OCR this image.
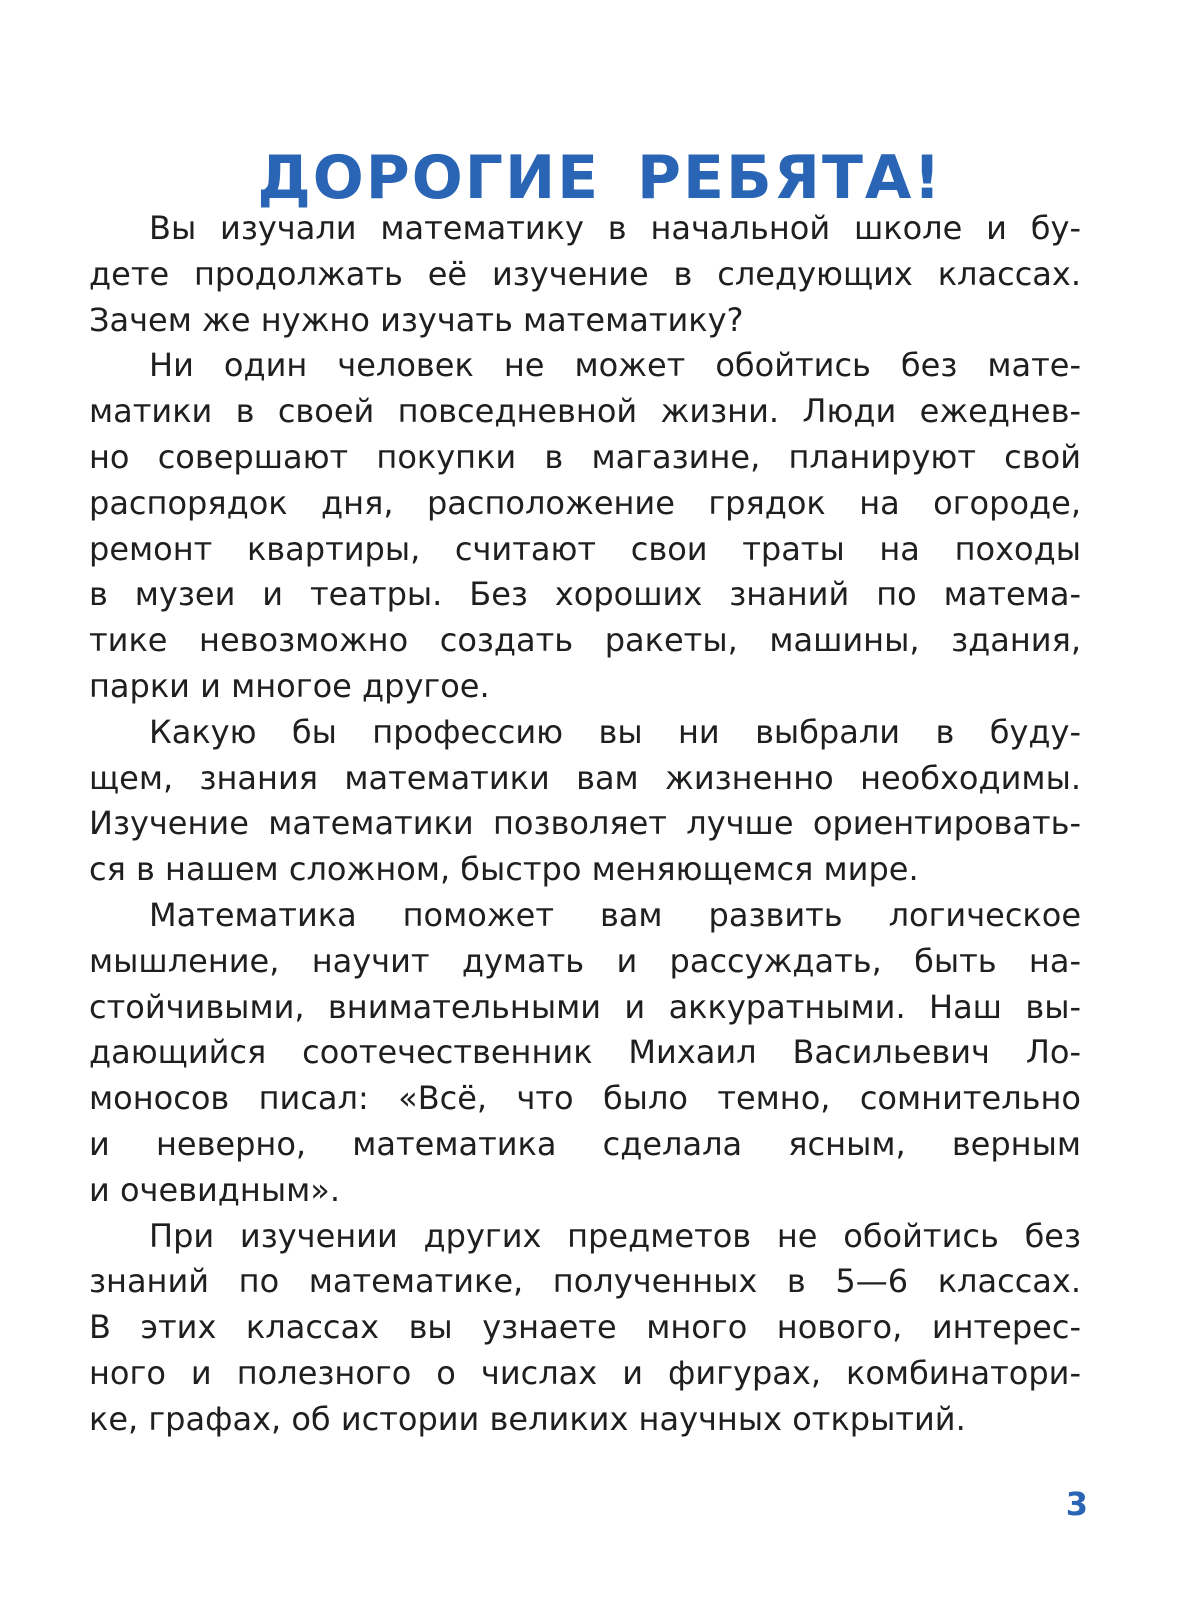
ДОРОГИЕ РЕБЯТА!
Вы изучали математику в начальной школе и бу-
дете продолжать её изучение в следующих классах.
Зачем же нужно изучать математику?
Ни один человек не может обойтись без мате-
матики в своей повседневной жизни. Люди ежеднев-
но совершают покупки в магазине, планируют свой
распорядок дня, расположение грядок на огороде,
ремонт квартиры, считают свои траты на походы
в музеи и театры. Без хороших знаний по матема-
тике невозможно создать ракеты, машины, здания,
парки и многое другое.
Какую бы профессию вы ни выбрали в буду-
щем, знания математики вам жизненно необходимы.
Изучение математики позволяет лучше ориентировать-
ся в нашем сложном, быстро меняющемся мире.
Математика поможет вам развить логическое
мышление, научит думать и рассуждать, быть на-
стойчивыми, внимательными и аккуратными. Наш вы-
дающийся соотечественник Михаил Васильевич Ло-
моносов писал: «Всё, что было темно, сомнительно
и неверно, математика сделала ясным, верным
и очевидным».
При изучении других предметов не обойтись без
знаний по математике, полученных в 5—6 классах.
В этих классах вы узнаете много нового, интерес-
ного и полезного о числах и фигурах, комбинатори-
ке, графах, об истории великих научных открытий.
3
